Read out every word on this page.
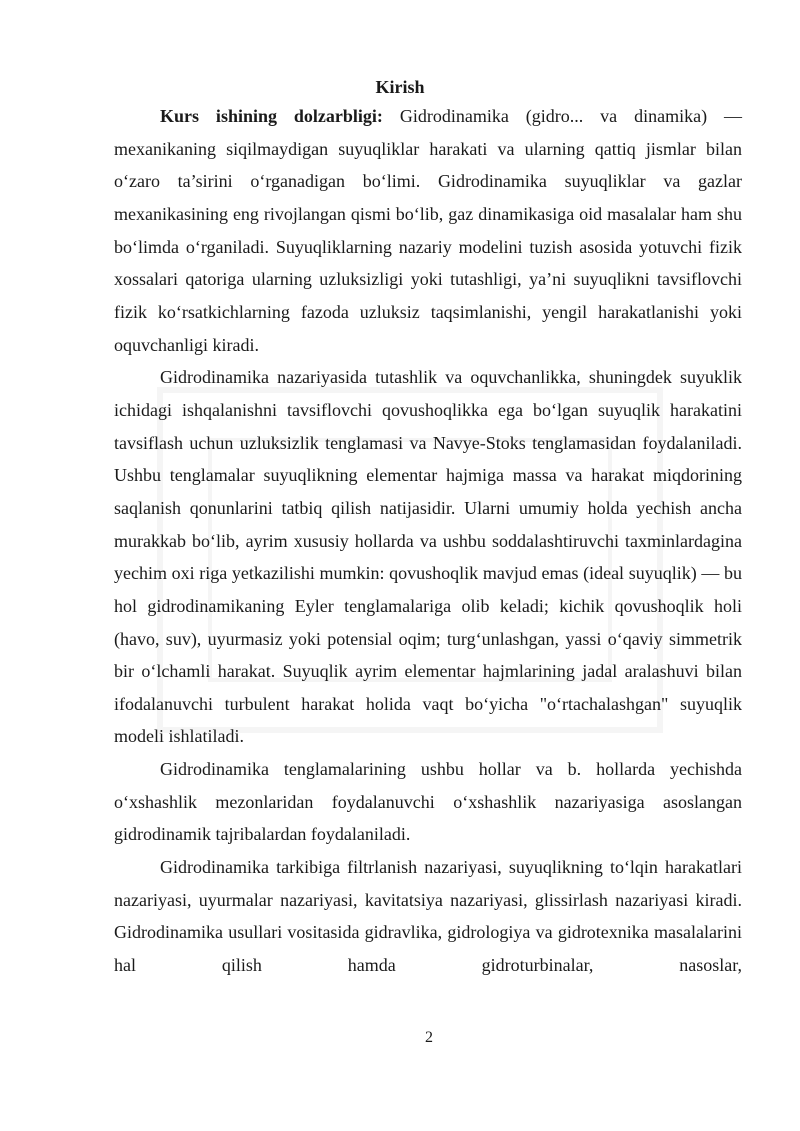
Kirish

Kurs ishining dolzarbligi: Gidrodinamika (gidro... va dinamika) — mexanikaning siqilmaydigan suyuqliklar harakati va ularning qattiq jismlar bilan o‘zaro ta’sirini o‘rganadigan bo‘limi. Gidrodinamika suyuqliklar va gazlar mexanikasining eng rivojlangan qismi bo‘lib, gaz dinamikasiga oid masalalar ham shu bo‘limda o‘rganiladi. Suyuqliklarning nazariy modelini tuzish asosida yotuvchi fizik xossalari qatoriga ularning uzluksizligi yoki tutashligi, ya’ni suyuqlikni tavsiflovchi fizik ko‘rsatkichlarning fazoda uzluksiz taqsimlanishi, yengil harakatlanishi yoki oquvchanligi kiradi.

Gidrodinamika nazariyasida tutashlik va oquvchanlikka, shuningdek suyuklik ichidagi ishqalanishni tavsiflovchi qovushoqlikka ega bo‘lgan suyuqlik harakatini tavsiflash uchun uzluksizlik tenglamasi va Navye-Stoks tenglamasidan foydalaniladi. Ushbu tenglamalar suyuqlikning elementar hajmiga massa va harakat miqdorining saqlanish qonunlarini tatbiq qilish natijasidir. Ularni umumiy holda yechish ancha murakkab bo‘lib, ayrim xususiy hollarda va ushbu soddalashtiruvchi taxminlardagina yechim oxi riga yetkazilishi mumkin: qovushoqlik mavjud emas (ideal suyuqlik) — bu hol gidrodinamikaning Eyler tenglamalariga olib keladi; kichik qovushoqlik holi (havo, suv), uyurmasiz yoki potensial oqim; turg‘unlashgan, yassi o‘qaviy simmetrik bir o‘lchamli harakat. Suyuqlik ayrim elementar hajmlarining jadal aralashuvi bilan ifodalanuvchi turbulent harakat holida vaqt bo‘yicha "o‘rtachalashgan" suyuqlik modeli ishlatiladi.

Gidrodinamika tenglamalarining ushbu hollar va b. hollarda yechishda o‘xshashlik mezonlaridan foydalanuvchi o‘xshashlik nazariyasiga asoslangan gidrodinamik tajribalardan foydalaniladi.

Gidrodinamika tarkibiga filtrlanish nazariyasi, suyuqlikning to‘lqin harakatlari nazariyasi, uyurmalar nazariyasi, kavitatsiya nazariyasi, glissirlash nazariyasi kiradi. Gidrodinamika usullari vositasida gidravlika, gidrologiya va gidrotexnika masalalarini hal qilish hamda gidroturbinalar, nasoslar,

2
